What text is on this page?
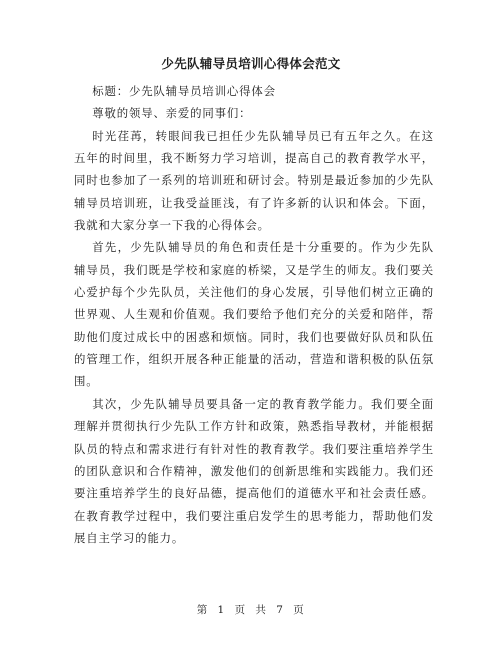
少先队辅导员培训心得体会范文

标题：少先队辅导员培训心得体会

尊敬的领导、亲爱的同事们：

时光荏苒，转眼间我已担任少先队辅导员已有五年之久。在这五年的时间里，我不断努力学习培训，提高自己的教育教学水平，同时也参加了一系列的培训班和研讨会。特别是最近参加的少先队辅导员培训班，让我受益匪浅，有了许多新的认识和体会。下面，我就和大家分享一下我的心得体会。

首先，少先队辅导员的角色和责任是十分重要的。作为少先队辅导员，我们既是学校和家庭的桥梁，又是学生的师友。我们要关心爱护每个少先队员，关注他们的身心发展，引导他们树立正确的世界观、人生观和价值观。我们要给予他们充分的关爱和陪伴，帮助他们度过成长中的困惑和烦恼。同时，我们也要做好队员和队伍的管理工作，组织开展各种正能量的活动，营造和谐积极的队伍氛围。

其次，少先队辅导员要具备一定的教育教学能力。我们要全面理解并贯彻执行少先队工作方针和政策，熟悉指导教材，并能根据队员的特点和需求进行有针对性的教育教学。我们要注重培养学生的团队意识和合作精神，激发他们的创新思维和实践能力。我们还要注重培养学生的良好品德，提高他们的道德水平和社会责任感。在教育教学过程中，我们要注重启发学生的思考能力，帮助他们发展自主学习的能力。

第 1 页 共 7 页
